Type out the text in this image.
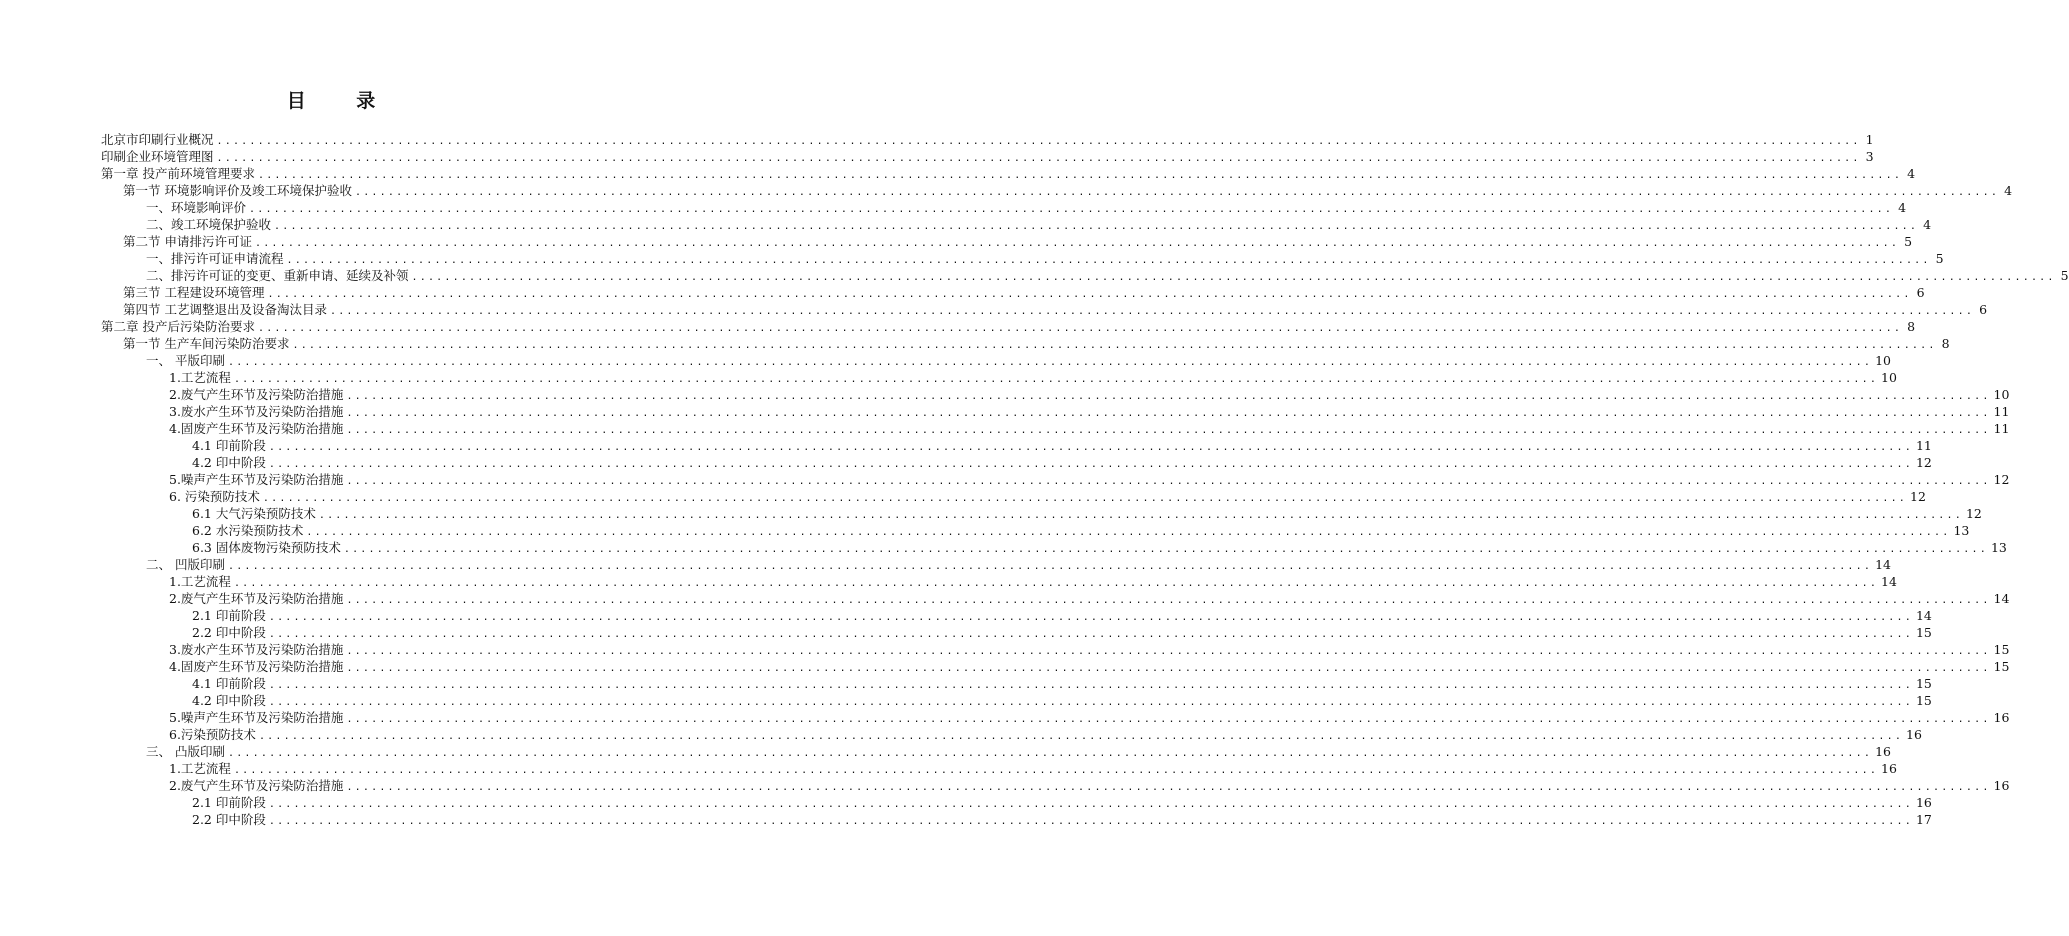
目 录
北京市印刷行业概况 ........................................................................................................................................................................................................ 1
印刷企业环境管理图 ........................................................................................................................................................................................................ 3
第一章 投产前环境管理要求 ........................................................................................................................................................................................................ 4
第一节 环境影响评价及竣工环境保护验收 ........................................................................................................................................................................................................ 4
一、环境影响评价 ........................................................................................................................................................................................................ 4
二、竣工环境保护验收 ........................................................................................................................................................................................................ 4
第二节 申请排污许可证 ........................................................................................................................................................................................................ 5
一、排污许可证申请流程 ........................................................................................................................................................................................................ 5
二、排污许可证的变更、重新申请、延续及补领 ........................................................................................................................................................................................................ 5
第三节 工程建设环境管理 ........................................................................................................................................................................................................ 6
第四节 工艺调整退出及设备淘汰目录 ........................................................................................................................................................................................................ 6
第二章 投产后污染防治要求 ........................................................................................................................................................................................................ 8
第一节 生产车间污染防治要求 ........................................................................................................................................................................................................ 8
一、 平版印刷 ........................................................................................................................................................................................................ 10
1.工艺流程 ........................................................................................................................................................................................................ 10
2.废气产生环节及污染防治措施 ........................................................................................................................................................................................................ 10
3.废水产生环节及污染防治措施 ........................................................................................................................................................................................................ 11
4.固废产生环节及污染防治措施 ........................................................................................................................................................................................................ 11
4.1 印前阶段 ........................................................................................................................................................................................................ 11
4.2 印中阶段 ........................................................................................................................................................................................................ 12
5.噪声产生环节及污染防治措施 ........................................................................................................................................................................................................ 12
6. 污染预防技术 ........................................................................................................................................................................................................ 12
6.1 大气污染预防技术 ........................................................................................................................................................................................................ 12
6.2 水污染预防技术 ........................................................................................................................................................................................................ 13
6.3 固体废物污染预防技术 ........................................................................................................................................................................................................ 13
二、 凹版印刷 ........................................................................................................................................................................................................ 14
1.工艺流程 ........................................................................................................................................................................................................ 14
2.废气产生环节及污染防治措施 ........................................................................................................................................................................................................ 14
2.1 印前阶段 ........................................................................................................................................................................................................ 14
2.2 印中阶段 ........................................................................................................................................................................................................ 15
3.废水产生环节及污染防治措施 ........................................................................................................................................................................................................ 15
4.固废产生环节及污染防治措施 ........................................................................................................................................................................................................ 15
4.1 印前阶段 ........................................................................................................................................................................................................ 15
4.2 印中阶段 ........................................................................................................................................................................................................ 15
5.噪声产生环节及污染防治措施 ........................................................................................................................................................................................................ 16
6.污染预防技术 ........................................................................................................................................................................................................ 16
三、 凸版印刷 ........................................................................................................................................................................................................ 16
1.工艺流程 ........................................................................................................................................................................................................ 16
2.废气产生环节及污染防治措施 ........................................................................................................................................................................................................ 16
2.1 印前阶段 ........................................................................................................................................................................................................ 16
2.2 印中阶段 ........................................................................................................................................................................................................ 17
